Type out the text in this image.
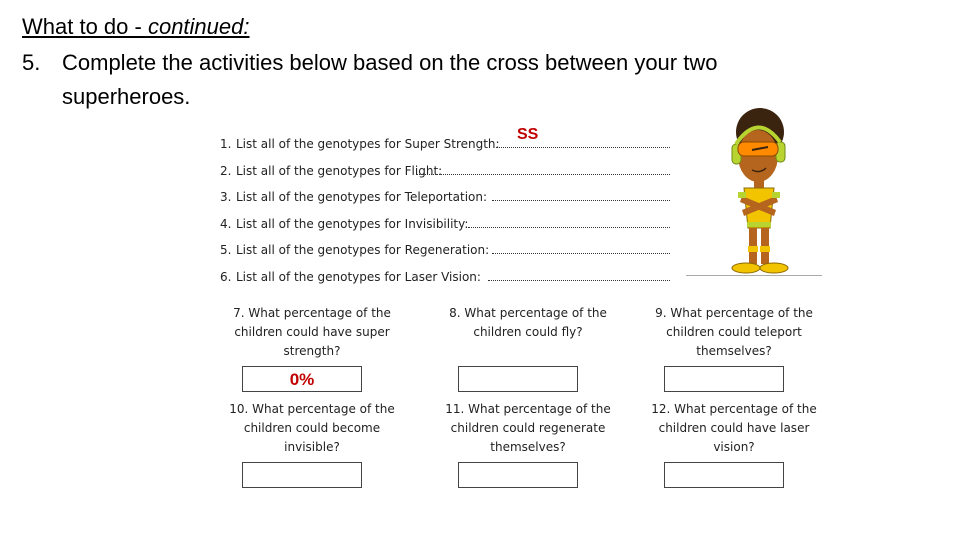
What to do - continued:
5. Complete the activities below based on the cross between your two superheroes.
1. List all of the genotypes for Super Strength:
SS
2. List all of the genotypes for Flight:
3. List all of the genotypes for Teleportation:
4. List all of the genotypes for Invisibility:
5. List all of the genotypes for Regeneration:
6. List all of the genotypes for Laser Vision:
7. What percentage of the
children could have super
strength?
0%
8. What percentage of the
children could fly?
9. What percentage of the
children could teleport
themselves?
10. What percentage of the
children could become
invisible?
11. What percentage of the
children could regenerate
themselves?
12. What percentage of the
children could have laser
vision?
